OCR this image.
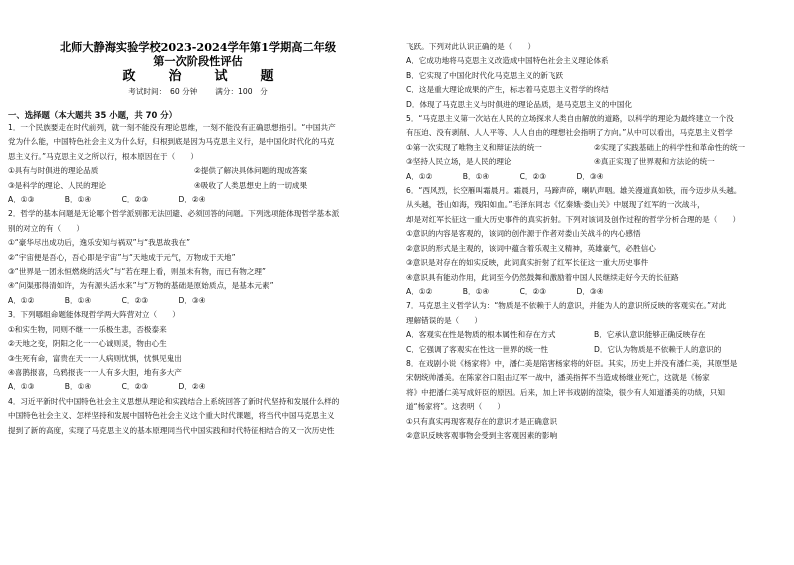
北师大静海实验学校2023-2024学年第1学期高二年级
第一次阶段性评估
政　治　试　题
考试时间：　60 分钟 满分：100　分
一、选择题（本大题共 35 小题，共 70 分）
1．一个民族要走在时代前列，就一刻不能没有理论思维，一刻不能没有正确思想指引。“中国共产
党为什么能，中国特色社会主义为什么好，归根到底是因为马克思主义行，是中国化时代化的马克
思主义行。”马克思主义之所以行，根本原因在于（　　）
①具有与时俱进的理论品质	②提供了解决具体问题的现成答案
③是科学的理论、人民的理论	④吸收了人类思想史上的一切成果
A．①③　　　　B．①④　　　　C．②③　　　　D．②④
2．哲学的基本问题是无论哪个哲学派别都无法回避、必须回答的问题。下列选项能体现哲学基本派
别的对立的有（　　）
①“豪华尽出成功后，逸乐安知与祸双”与“我思故我在”
②“宇宙便是吾心，吾心即是宇宙”与“天地成于元气，万物成于天地”
③“世界是一团永恒燃烧的活火”与“若在理上看，则虽未有物，而已有物之理”
④“问渠那得清如许，为有源头活水来”与“万物的基础是原始质点，是基本元素”
A．①②　　　　B．①④　　　　C．②③　　　　D．③④
3．下列哪组命题能体现哲学两大阵营对立（　　）
①和实生物，同则不继一一乐极生悲，否极泰来
②天地之变，阴阳之化一一心诚则灵，物由心生
③生死有命，富贵在天一一人病则忧惧，忧惧见鬼出
④喜鹊报喜，乌鸦报丧一一人有多大胆，地有多大产
A．①③　　　　B．①④　　　　C．②③　　　　D．②④
4．习近平新时代中国特色社会主义思想从理论和实践结合上系统回答了新时代坚持和发展什么样的
中国特色社会主义、怎样坚持和发展中国特色社会主义这个重大时代课题，将当代中国马克思主义
提到了新的高度，实现了马克思主义的基本原理同当代中国实践和时代特征相结合的又一次历史性
飞跃。下列对此认识正确的是（　　）
A．它成功地将马克思主义改造成中国特色社会主义理论体系
B．它实现了中国化时代化马克思主义的新飞跃
C．这是重大理论成果的产生，标志着马克思主义哲学的终结
D．体现了马克思主义与时俱进的理论品质，是马克思主义的中国化
5．“马克思主义第一次站在人民的立场探求人类自由解放的道路，以科学的理论为最终建立一个没
有压迫、没有剥削、人人平等、人人自由的理想社会指明了方向。”从中可以看出，马克思主义哲学
①第一次实现了唯物主义和辩证法的统一	②实现了实践基础上的科学性和革命性的统一
③坚持人民立场，是人民的理论	④真正实现了世界观和方法论的统一
A．①②　　　　B．①④　　　　C．②③　　　　D．③④
6．“西风烈，长空雁叫霜晨月。霜晨月，马蹄声碎，喇叭声咽。雄关漫道真如铁，而今迈步从头越。
从头越，苍山如海，残阳如血。”毛泽东同志《忆秦娥·娄山关》中展现了红军的一次战斗，
却是对红军长征这一重大历史事件的真实折射。下列对该词及创作过程的哲学分析合理的是（　　）
①意识的内容是客观的，该词的创作源于作者对娄山关战斗的内心感悟
②意识的形式是主观的，该词中蕴含着乐观主义精神，英雄豪气，必胜信心
③意识是对存在的如实反映，此词真实折射了红军长征这一重大历史事件
④意识具有能动作用，此词至今仍然鼓舞和激励着中国人民继续走好今天的长征路
A．①②　　　　B．①④　　　　C．②③　　　　D．③④
7．马克思主义哲学认为：“物质是不依赖于人的意识，并能为人的意识所反映的客观实在。”对此
理解错误的是（　　）
A．客观实在性是物质的根本属性和存在方式	B．它承认意识能够正确反映存在
C．它强调了客观实在性这一世界的统一性	D．它认为物质是不依赖于人的意识的
8．在戏剧小说《杨家将》中，潘仁美是陷害杨家将的奸臣。其实，历史上并没有潘仁美，其原型是
宋朝统帅潘美。在陈家谷口阻击辽军一战中，潘美指挥不当造成杨继业死亡，这就是《杨家
将》中把潘仁美写成奸臣的原因。后来，加上评书戏剧的渲染，很少有人知道潘美的功绩，只知
道“杨家将”。这表明（　　）
①只有真实再现客观存在的意识才是正确意识
②意识反映客观事物会受到主客观因素的影响
